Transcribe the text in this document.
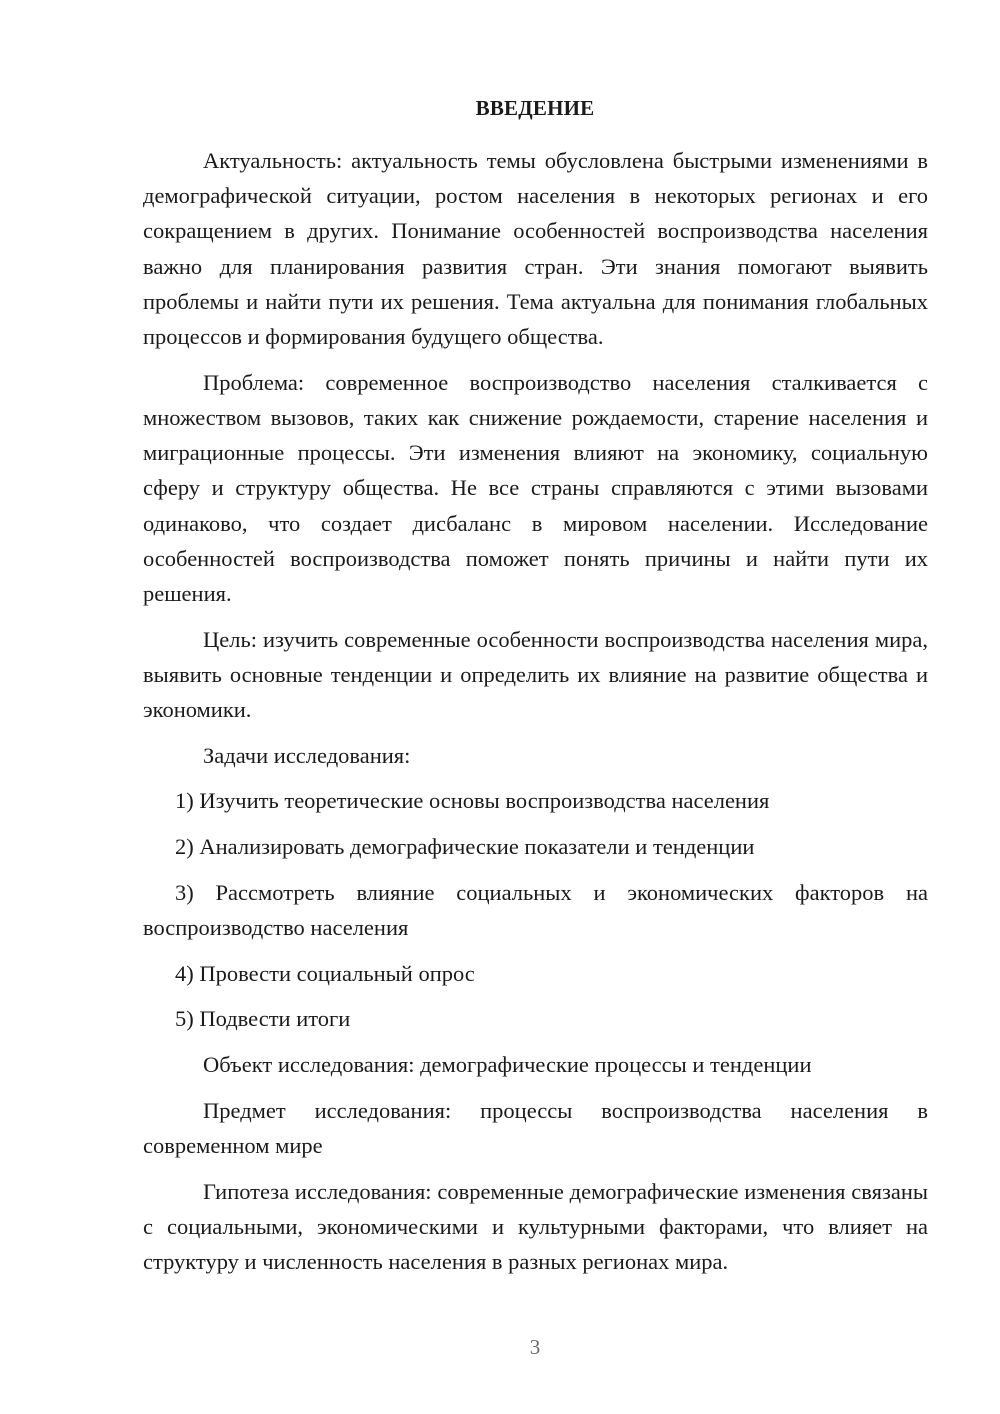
ВВЕДЕНИЕ

Актуальность: актуальность темы обусловлена быстрыми изменениями в демографической ситуации, ростом населения в некоторых регионах и его сокращением в других. Понимание особенностей воспроизводства населения важно для планирования развития стран. Эти знания помогают выявить проблемы и найти пути их решения. Тема актуальна для понимания глобальных процессов и формирования будущего общества.

Проблема: современное воспроизводство населения сталкивается с множеством вызовов, таких как снижение рождаемости, старение населения и миграционные процессы. Эти изменения влияют на экономику, социальную сферу и структуру общества. Не все страны справляются с этими вызовами одинаково, что создает дисбаланс в мировом населении. Исследование особенностей воспроизводства поможет понять причины и найти пути их решения.

Цель: изучить современные особенности воспроизводства населения мира, выявить основные тенденции и определить их влияние на развитие общества и экономики.

Задачи исследования:

1) Изучить теоретические основы воспроизводства населения

2) Анализировать демографические показатели и тенденции

3) Рассмотреть влияние социальных и экономических факторов на воспроизводство населения

4) Провести социальный опрос

5) Подвести итоги

Объект исследования: демографические процессы и тенденции

Предмет исследования: процессы воспроизводства населения в современном мире

Гипотеза исследования: современные демографические изменения связаны с социальными, экономическими и культурными факторами, что влияет на структуру и численность населения в разных регионах мира.

3
